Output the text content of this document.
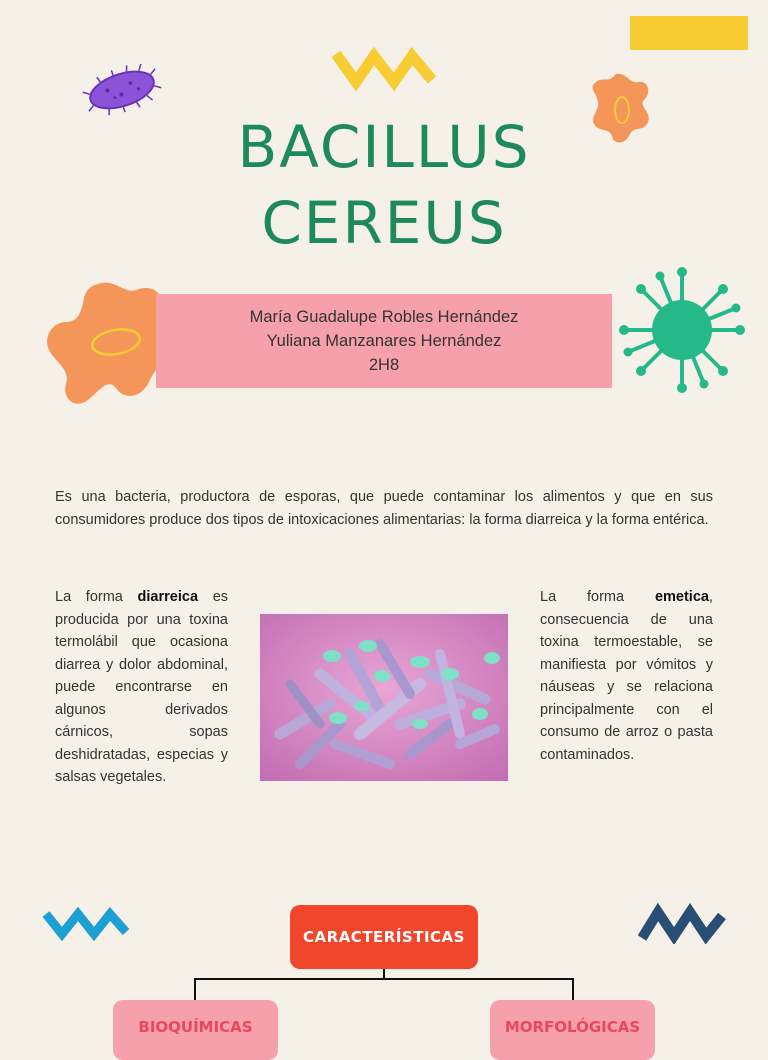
BACILLUS
CEREUS
María Guadalupe Robles Hernández
Yuliana Manzanares Hernández
2H8
Es una bacteria, productora de esporas, que puede contaminar los alimentos y que en sus consumidores produce dos tipos de intoxicaciones alimentarias: la forma diarreica y la forma entérica.
La forma diarreica es producida por una toxina termolábil que ocasiona diarrea y dolor abdominal, puede encontrarse en algunos derivados cárnicos, sopas deshidratadas, especias y salsas vegetales.
La forma emetica, consecuencia de una toxina termoestable, se manifiesta por vómitos y náuseas y se relaciona principalmente con el consumo de arroz o pasta contaminados.
CARACTERÍSTICAS
BIOQUÍMICAS	MORFOLÓGICAS
